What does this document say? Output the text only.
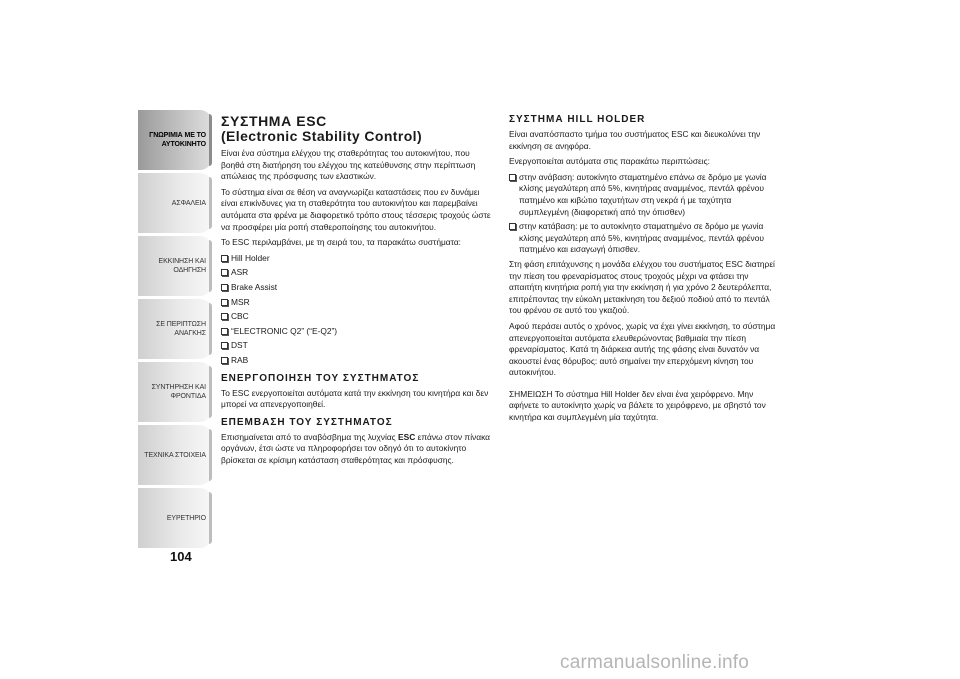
ΓΝΩΡΙΜΙΑ ΜΕ ΤΟ ΑΥΤΟΚΙΝΗΤΟ
ΑΣΦΑΛΕΙΑ
ΕΚΚΙΝΗΣΗ ΚΑΙ ΟΔΗΓΗΣΗ
ΣΕ ΠΕΡΙΠΤΩΣΗ ΑΝΑΓΚΗΣ
ΣΥΝΤΗΡΗΣΗ ΚΑΙ ΦΡΟΝΤΙΔΑ
ΤΕΧΝΙΚΑ ΣΤΟΙΧΕΙΑ
ΕΥΡΕΤΗΡΙΟ
104
ΣΥΣΤΗΜΑ ESC
(Electronic Stability Control)
Είναι ένα σύστημα ελέγχου της σταθερότητας του αυτοκινήτου, που βοηθά στη διατήρηση του ελέγχου της κατεύθυνσης στην περίπτωση απώλειας της πρόσφυσης των ελαστικών.
Το σύστημα είναι σε θέση να αναγνωρίζει καταστάσεις που εν δυνάμει είναι επικίνδυνες για τη σταθερότητα του αυτοκινήτου και παρεμβαίνει αυτόματα στα φρένα με διαφορετικό τρόπο στους τέσσερις τροχούς ώστε να προσφέρει μία ροπή σταθεροποίησης του αυτοκινήτου.
Το ESC περιλαμβάνει, με τη σειρά του, τα παρακάτω συστήματα:
Hill Holder
ASR
Brake Assist
MSR
CBC
“ELECTRONIC Q2” (“E-Q2”)
DST
RAB
ΕΝΕΡΓΟΠΟΙΗΣΗ ΤΟΥ ΣΥΣΤΗΜΑΤΟΣ
Το ESC ενεργοποιείται αυτόματα κατά την εκκίνηση του κινητήρα και δεν μπορεί να απενεργοποιηθεί.
ΕΠΕΜΒΑΣΗ ΤΟΥ ΣΥΣΤΗΜΑΤΟΣ
Επισημαίνεται από το αναβόσβημα της λυχνίας ESC επάνω στον πίνακα οργάνων, έτσι ώστε να πληροφορήσει τον οδηγό ότι το αυτοκίνητο βρίσκεται σε κρίσιμη κατάσταση σταθερότητας και πρόσφυσης.
ΣΥΣΤΗΜΑ HILL HOLDER
Είναι αναπόσπαστο τμήμα του συστήματος ESC και διευκολύνει την εκκίνηση σε ανηφόρα.
Ενεργοποιείται αυτόματα στις παρακάτω περιπτώσεις:
στην ανάβαση: αυτοκίνητο σταματημένο επάνω σε δρόμο με γωνία κλίσης μεγαλύτερη από 5%, κινητήρας αναμμένος, πεντάλ φρένου πατημένο και κιβώτιο ταχυτήτων στη νεκρά ή με ταχύτητα συμπλεγμένη (διαφορετική από την όπισθεν)
στην κατάβαση: με το αυτοκίνητο σταματημένο σε δρόμο με γωνία κλίσης μεγαλύτερη από 5%, κινητήρας αναμμένος, πεντάλ φρένου πατημένο και εισαγωγή όπισθεν.
Στη φάση επιτάχυνσης η μονάδα ελέγχου του συστήματος ESC διατηρεί την πίεση του φρεναρίσματος στους τροχούς μέχρι να φτάσει την απαιτήτη κινητήρια ροπή για την εκκίνηση ή για χρόνο 2 δευτερόλεπτα, επιτρέποντας την εύκολη μετακίνηση του δεξιού ποδιού από το πεντάλ του φρένου σε αυτό του γκαζιού.
Αφού περάσει αυτός ο χρόνος, χωρίς να έχει γίνει εκκίνηση, το σύστημα απενεργοποιείται αυτόματα ελευθερώνοντας βαθμιαία την πίεση φρεναρίσματος. Κατά τη διάρκεια αυτής της φάσης είναι δυνατόν να ακουστεί ένας θόρυβος: αυτό σημαίνει την επερχόμενη κίνηση του αυτοκινήτου.
ΣΗΜΕΙΩΣΗ Το σύστημα Hill Holder δεν είναι ένα χειρόφρενο. Μην αφήνετε το αυτοκίνητο χωρίς να βάλετε το χειρόφρενο, με σβηστό τον κινητήρα και συμπλεγμένη μία ταχύτητα.
carmanualsonline.info
